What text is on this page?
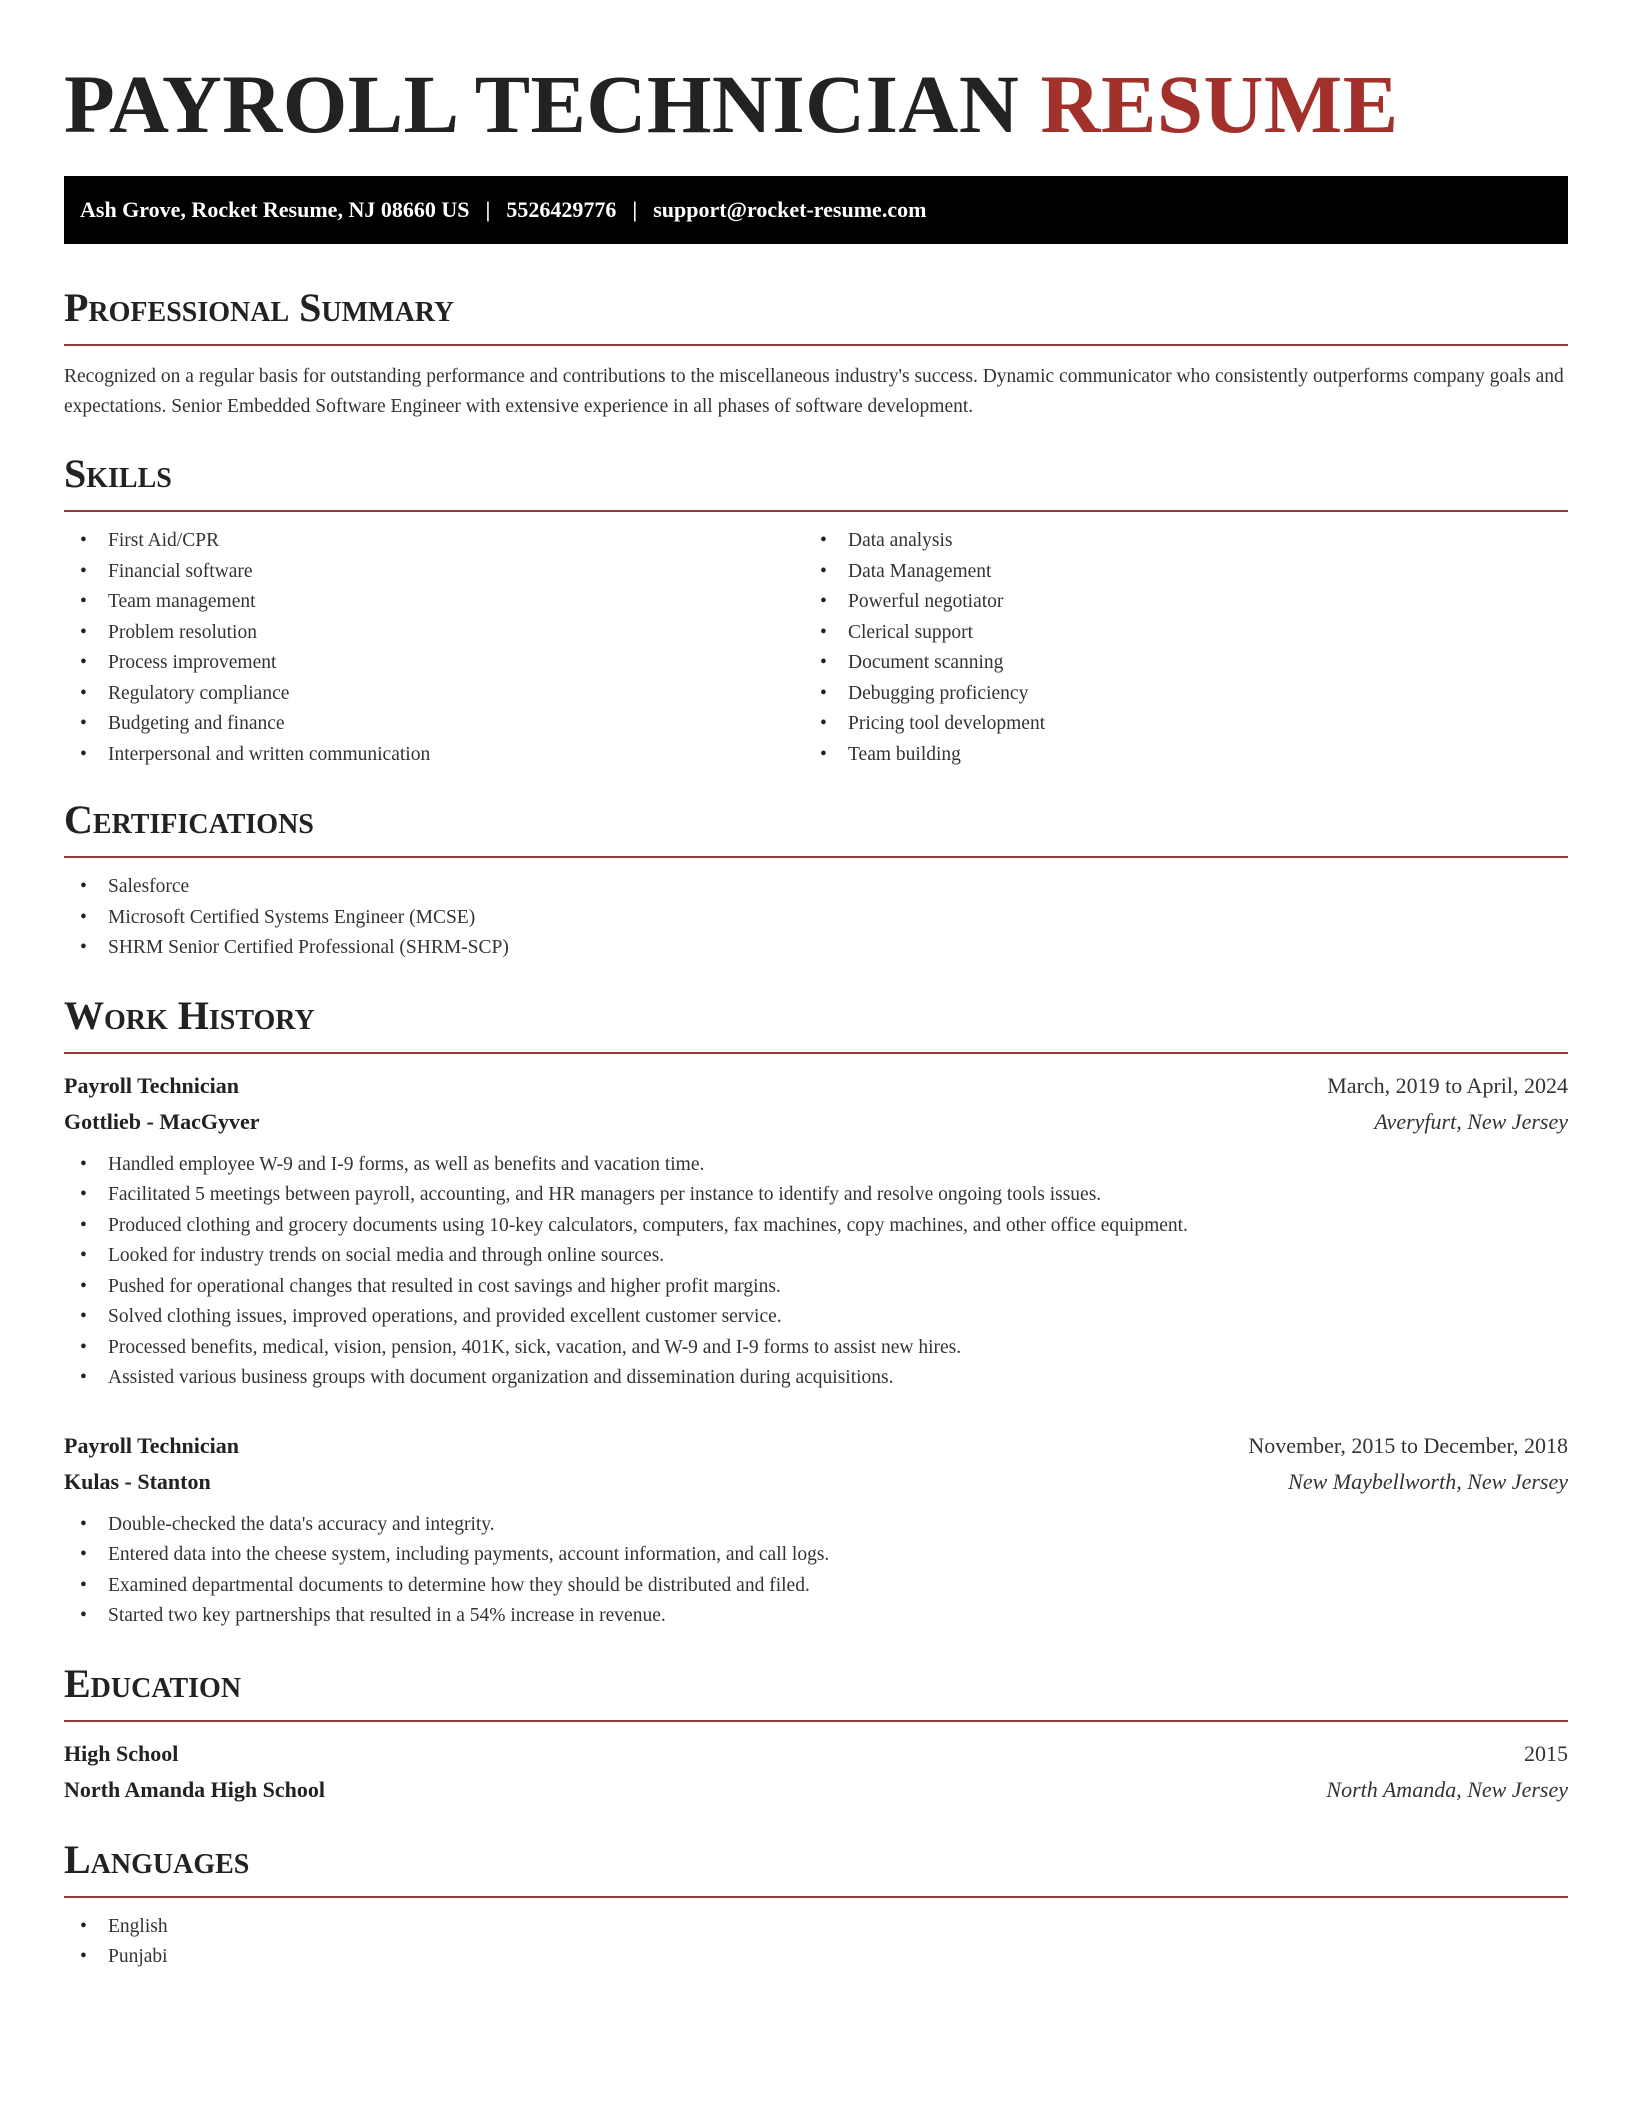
PAYROLL TECHNICIAN RESUME
Ash Grove, Rocket Resume, NJ 08660 US | 5526429776 | support@rocket-resume.com
Professional Summary

Recognized on a regular basis for outstanding performance and contributions to the miscellaneous industry's success. Dynamic communicator who consistently outperforms company goals and expectations. Senior Embedded Software Engineer with extensive experience in all phases of software development.

Skills
• First Aid/CPR
• Financial software
• Team management
• Problem resolution
• Process improvement
• Regulatory compliance
• Budgeting and finance
• Interpersonal and written communication
• Data analysis
• Data Management
• Powerful negotiator
• Clerical support
• Document scanning
• Debugging proficiency
• Pricing tool development
• Team building
Certifications
• Salesforce
• Microsoft Certified Systems Engineer (MCSE)
• SHRM Senior Certified Professional (SHRM-SCP)
Work History
Payroll Technician	March, 2019 to April, 2024
Gottlieb - MacGyver	Averyfurt, New Jersey
• Handled employee W-9 and I-9 forms, as well as benefits and vacation time.
• Facilitated 5 meetings between payroll, accounting, and HR managers per instance to identify and resolve ongoing tools issues.
• Produced clothing and grocery documents using 10-key calculators, computers, fax machines, copy machines, and other office equipment.
• Looked for industry trends on social media and through online sources.
• Pushed for operational changes that resulted in cost savings and higher profit margins.
• Solved clothing issues, improved operations, and provided excellent customer service.
• Processed benefits, medical, vision, pension, 401K, sick, vacation, and W-9 and I-9 forms to assist new hires.
• Assisted various business groups with document organization and dissemination during acquisitions.
Payroll Technician	November, 2015 to December, 2018
Kulas - Stanton	New Maybellworth, New Jersey
• Double-checked the data's accuracy and integrity.
• Entered data into the cheese system, including payments, account information, and call logs.
• Examined departmental documents to determine how they should be distributed and filed.
• Started two key partnerships that resulted in a 54% increase in revenue.
Education
High School	2015
North Amanda High School	North Amanda, New Jersey
Languages
• English
• Punjabi
